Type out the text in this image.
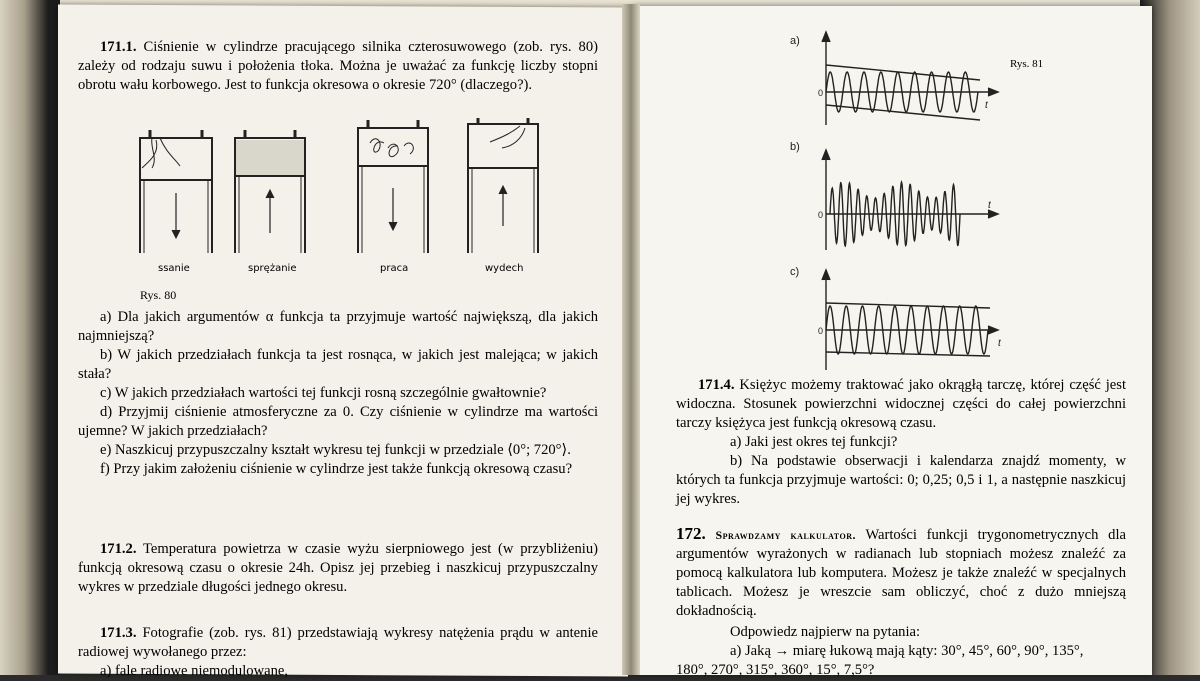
171.1. Ciśnienie w cylindrze pracującego silnika czterosuwowego (zob. rys. 80) zależy od rodzaju suwu i położenia tłoka. Można je uważać za funkcję liczby stopni obrotu wału korbowego. Jest to funkcja okresowa o okresie 720° (dlaczego?).

ssanie	sprężanie	praca	wydech
Rys. 80

a) Dla jakich argumentów α funkcja ta przyjmuje wartość największą, dla jakich najmniejszą?

b) W jakich przedziałach funkcja ta jest rosnąca, w jakich jest malejąca; w jakich stała?

c) W jakich przedziałach wartości tej funkcji rosną szczególnie gwałtownie?

d) Przyjmij ciśnienie atmosferyczne za 0. Czy ciśnienie w cylindrze ma wartości ujemne? W jakich przedziałach?

e) Naszkicuj przypuszczalny kształt wykresu tej funkcji w przedziale ⟨0°; 720°⟩.

f) Przy jakim założeniu ciśnienie w cylindrze jest także funkcją okresową czasu?

171.2. Temperatura powietrza w czasie wyżu sierpniowego jest (w przybliżeniu) funkcją okresową czasu o okresie 24h. Opisz jej przebieg i naszkicuj przypuszczalny wykres w przedziale długości jednego okresu.

171.3. Fotografie (zob. rys. 81) przedstawiają wykresy natężenia prądu w antenie radiowej wywołanego przez:

a) fale radiowe niemodulowane,

a)
b)
c)
0
0
0
t
t
t
Rys. 81

171.4. Księżyc możemy traktować jako okrągłą tarczę, której część jest widoczna. Stosunek powierzchni widocznej części do całej powierzchni tarczy księżyca jest funkcją okresową czasu.

a) Jaki jest okres tej funkcji?

b) Na podstawie obserwacji i kalendarza znajdź momenty, w których ta funkcja przyjmuje wartości: 0; 0,25; 0,5 i 1, a następnie naszkicuj jej wykres.

172. Sprawdzamy kalkulator. Wartości funkcji trygonometrycznych dla argumentów wyrażonych w radianach lub stopniach możesz znaleźć za pomocą kalkulatora lub komputera. Możesz je także znaleźć w specjalnych tablicach. Możesz je wreszcie sam obliczyć, choć z dużo mniejszą dokładnością.

Odpowiedz najpierw na pytania:

a) Jaką → miarę łukową mają kąty: 30°, 45°, 60°, 90°, 135°,

180°, 270°, 315°, 360°, 15°, 7,5°?
